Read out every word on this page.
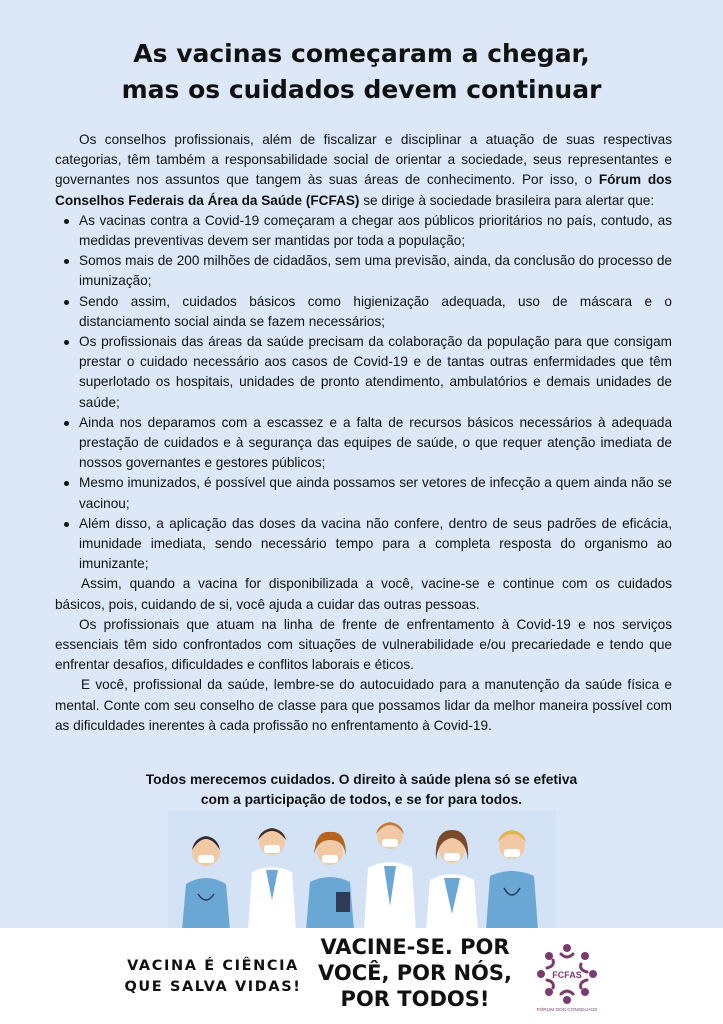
As vacinas começaram a chegar,
mas os cuidados devem continuar

Os conselhos profissionais, além de fiscalizar e disciplinar a atuação de suas respectivas categorias, têm também a responsabilidade social de orientar a sociedade, seus representantes e governantes nos assuntos que tangem às suas áreas de conhecimento. Por isso, o Fórum dos Conselhos Federais da Área da Saúde (FCFAS) se dirige à sociedade brasileira para alertar que:

As vacinas contra a Covid-19 começaram a chegar aos públicos prioritários no país, contudo, as medidas preventivas devem ser mantidas por toda a população;
Somos mais de 200 milhões de cidadãos, sem uma previsão, ainda, da conclusão do processo de imunização;
Sendo assim, cuidados básicos como higienização adequada, uso de máscara e o distanciamento social ainda se fazem necessários;
Os profissionais das áreas da saúde precisam da colaboração da população para que consigam prestar o cuidado necessário aos casos de Covid-19 e de tantas outras enfermidades que têm superlotado os hospitais, unidades de pronto atendimento, ambulatórios e demais unidades de saúde;
Ainda nos deparamos com a escassez e a falta de recursos básicos necessários à adequada prestação de cuidados e à segurança das equipes de saúde, o que requer atenção imediata de nossos governantes e gestores públicos;
Mesmo imunizados, é possível que ainda possamos ser vetores de infecção a quem ainda não se vacinou;
Além disso, a aplicação das doses da vacina não confere, dentro de seus padrões de eficácia, imunidade imediata, sendo necessário tempo para a completa resposta do organismo ao imunizante;

Assim, quando a vacina for disponibilizada a você, vacine-se e continue com os cuidados básicos, pois, cuidando de si, você ajuda a cuidar das outras pessoas.

Os profissionais que atuam na linha de frente de enfrentamento à Covid-19 e nos serviços essenciais têm sido confrontados com situações de vulnerabilidade e/ou precariedade e tendo que enfrentar desafios, dificuldades e conflitos laborais e éticos.

E você, profissional da saúde, lembre-se do autocuidado para a manutenção da saúde física e mental. Conte com seu conselho de classe para que possamos lidar da melhor maneira possível com as dificuldades inerentes à cada profissão no enfrentamento à Covid-19.

Todos merecemos cuidados. O direito à saúde plena só se efetiva
com a participação de todos, e se for para todos.
VACINA É CIÊNCIA
QUE SALVA VIDAS!
VACINE-SE. POR
VOCÊ, POR NÓS,
POR TODOS!
FCFAS
FÓRUM DOS CONSELHOS
